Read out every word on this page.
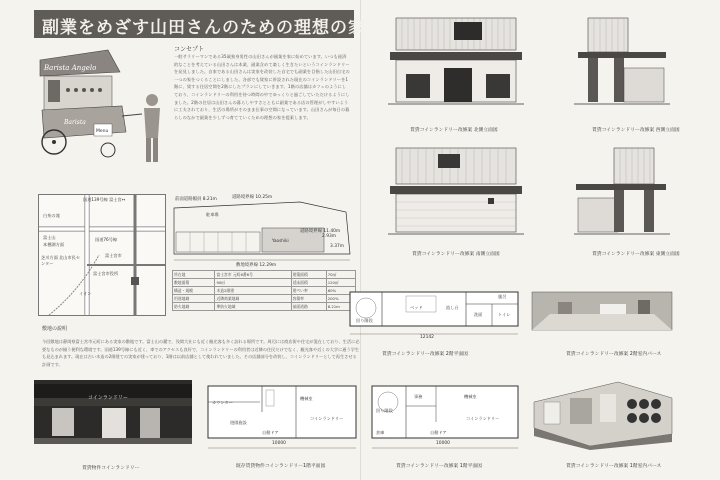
副業をめざす山田さんのための理想の家
Barista Angelo
Barista
Menu
コンセプト
一般サラリーマンである35歳独身男性の山田さんが副業を家に始めています。いつも経済的なことを考えている山田さんは本業、副業含めて楽しく生きたいというコインランドリーを発見しました。自家である山田さんは実家を改装した自宅でも副業を目指した山田自宅の一つの家をつくることにしました。各部でも貸家に併設された現在のコインランドリーを1階に、貸する住居空間を2階にしたプランにしていきます。1階の店舗はカフェのようにしており、コインランドリーの利用を待つ時間の中でゆっくりと過ごしていただけるようにしました。2階の住居は山田さんの暮らしやすさとともに副業である店の管理がしやすいように工夫されており、生活の場所がそのまま仕事の空間になっています。山田さんが毎日の暮らしのなかで副業を少しずつ育てていくための理想の家を提案します。
国道139号線 富士宮↔
白糸の滝
富士山
本栖湖方面
国道76号線
富士宮市
芝川方面 北山市民センター
富士宮市役所
イオン
前面道路幅員 8.21m	道路境界線 10.25m
道路境界線 11.40m
敷地境界線 12.29m
3.37m
2.93m
駐車場
Yaoshiki
所在地	富士宮市 元町6番6号	建築面積	70㎡
敷地面積	90㎡	延床面積	120㎡
構造・規模	木造2階建	建ぺい率	60%
用途地域	近隣商業地域	容積率	200%
防火地域	準防火地域	前面道路	8.21m
敷地の説明
今回敷地は静岡県富士宮市元町にある実家の敷地です。富士山の麓で、浅間大社にも近く観光客も多く訪れる場所です。周辺には商店街や住宅が混在しており、生活に必要なものが揃う便利な環境です。国道139号線にも近く、車でのアクセスも良好で、コインランドリーの利用者は近隣の住民だけでなく、観光客や近くの大学に通う学生も見込まれます。現在は古い木造の2階建ての実家が建っており、1階は以前店舗として使われていました。その店舗部分を改装し、コインランドリーとして再生させる計画です。
賃貸コインランドリー改修案 北側立面図	賃貸コインランドリー改修案 西側立面図
賃貸コインランドリー改修案 南側立面図	賃貸コインランドリー改修案 東側立面図
回り階段
ベッド	流し台
風呂
洗面	トイレ
12142
賃貸コインランドリー改修案 2階平面図	賃貸コインランドリー改修案 2階室内パース
コインランドリー
賃貸物件コインランドリー
カウンター
機械室
遊園施設
コインランドリー
自動ドア
10000
既存賃貸物件コインランドリー1階平面図
機械室
回り階段
倉庫
コインランドリー
自動ドア
事務
10000
賃貸コインランドリー改修案 1階平面図	賃貸コインランドリー改修案 1階室内パース
